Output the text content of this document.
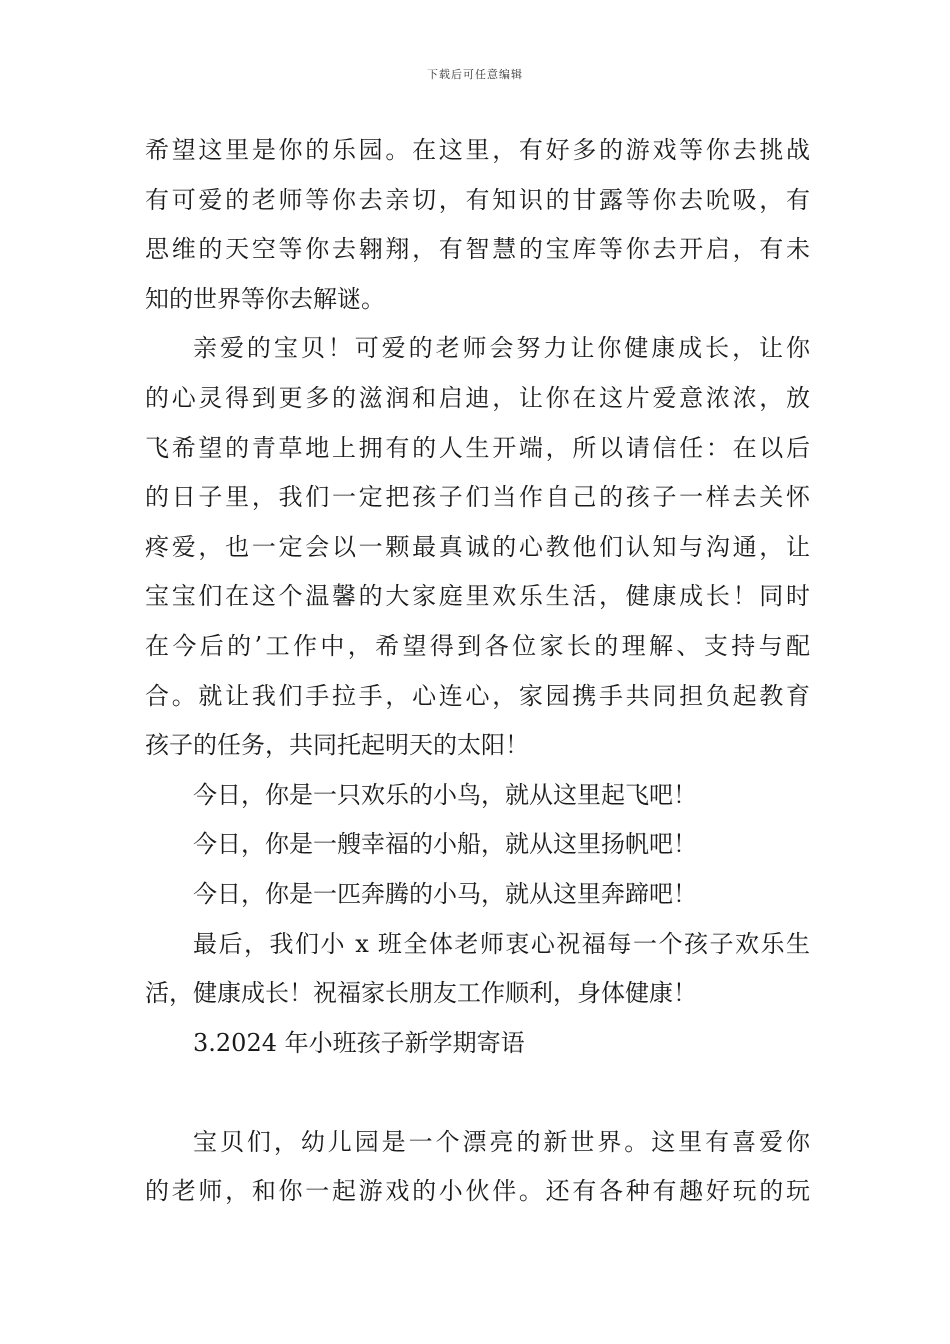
下载后可任意编辑
希望这里是你的乐园。在这里，有好多的游戏等你去挑战
有可爱的老师等你去亲切，有知识的甘露等你去吮吸，有
思维的天空等你去翱翔，有智慧的宝库等你去开启，有未
知的世界等你去解谜。
亲爱的宝贝！可爱的老师会努力让你健康成长，让你
的心灵得到更多的滋润和启迪，让你在这片爱意浓浓，放
飞希望的青草地上拥有的人生开端，所以请信任：在以后
的日子里，我们一定把孩子们当作自己的孩子一样去关怀
疼爱，也一定会以一颗最真诚的心教他们认知与沟通，让
宝宝们在这个温馨的大家庭里欢乐生活，健康成长！同时
在今后的’工作中，希望得到各位家长的理解、支持与配
合。就让我们手拉手，心连心，家园携手共同担负起教育
孩子的任务，共同托起明天的太阳！
今日，你是一只欢乐的小鸟，就从这里起飞吧！
今日，你是一艘幸福的小船，就从这里扬帆吧！
今日，你是一匹奔腾的小马，就从这里奔蹄吧！
最后，我们小 x 班全体老师衷心祝福每一个孩子欢乐生
活，健康成长！祝福家长朋友工作顺利，身体健康！
3.2024 年小班孩子新学期寄语
宝贝们，幼儿园是一个漂亮的新世界。这里有喜爱你
的老师，和你一起游戏的小伙伴。还有各种有趣好玩的玩
